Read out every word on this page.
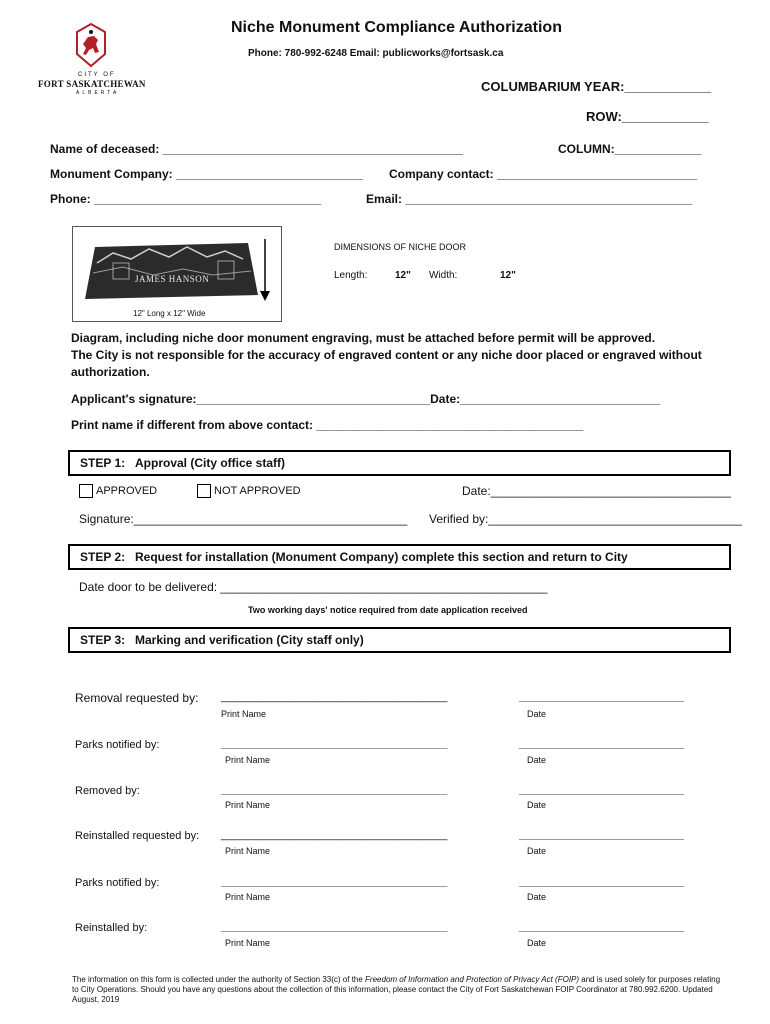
CITY OF
FORT SASKATCHEWAN
ALBERTA
Niche Monument Compliance Authorization
Phone: 780-992-6248 Email: publicworks@fortsask.ca
COLUMBARIUM YEAR:____________
ROW:____________
Name of deceased: _____________________________________________	COLUMN:_____________
Monument Company: ____________________________ Company contact: ______________________________
Phone: __________________________________	Email: ___________________________________________
JAMES HANSON
12" Long x 12" Wide
DIMENSIONS OF NICHE DOOR
Length:	12" Width:	12"
Diagram, including niche door monument engraving, must be attached before permit will be approved.
The City is not responsible for the accuracy of engraved content or any niche door placed or engraved without
authorization.
Applicant's signature:___________________________________Date:______________________________
Print name if different from above contact: ________________________________________
STEP 1: Approval (City office staff)
APPROVED	NOT APPROVED	Date:____________________________________
Signature:_________________________________________ Verified by:______________________________________
STEP 2: Request for installation (Monument Company) complete this section and return to City
Date door to be delivered: _________________________________________________
Two working days' notice required from date application received
STEP 3: Marking and verification (City staff only)
Removal requested by: _____________________________________	___________________________
Print Name	Date
Parks notified by:	_____________________________________	___________________________
Print Name	Date
Removed by:	_____________________________________	___________________________
Print Name	Date
Reinstalled requested by: _____________________________________	___________________________
Print Name	Date
Parks notified by:	_____________________________________	___________________________
Print Name	Date
Reinstalled by:	_____________________________________	___________________________
Print Name	Date
The information on this form is collected under the authority of Section 33(c) of the Freedom of Information and Protection of Privacy Act (FOIP) and is used solely for purposes relating to City Operations. Should you have any questions about the collection of this information, please contact the City of Fort Saskatchewan FOIP Coordinator at 780.992.6200. Updated August, 2019
